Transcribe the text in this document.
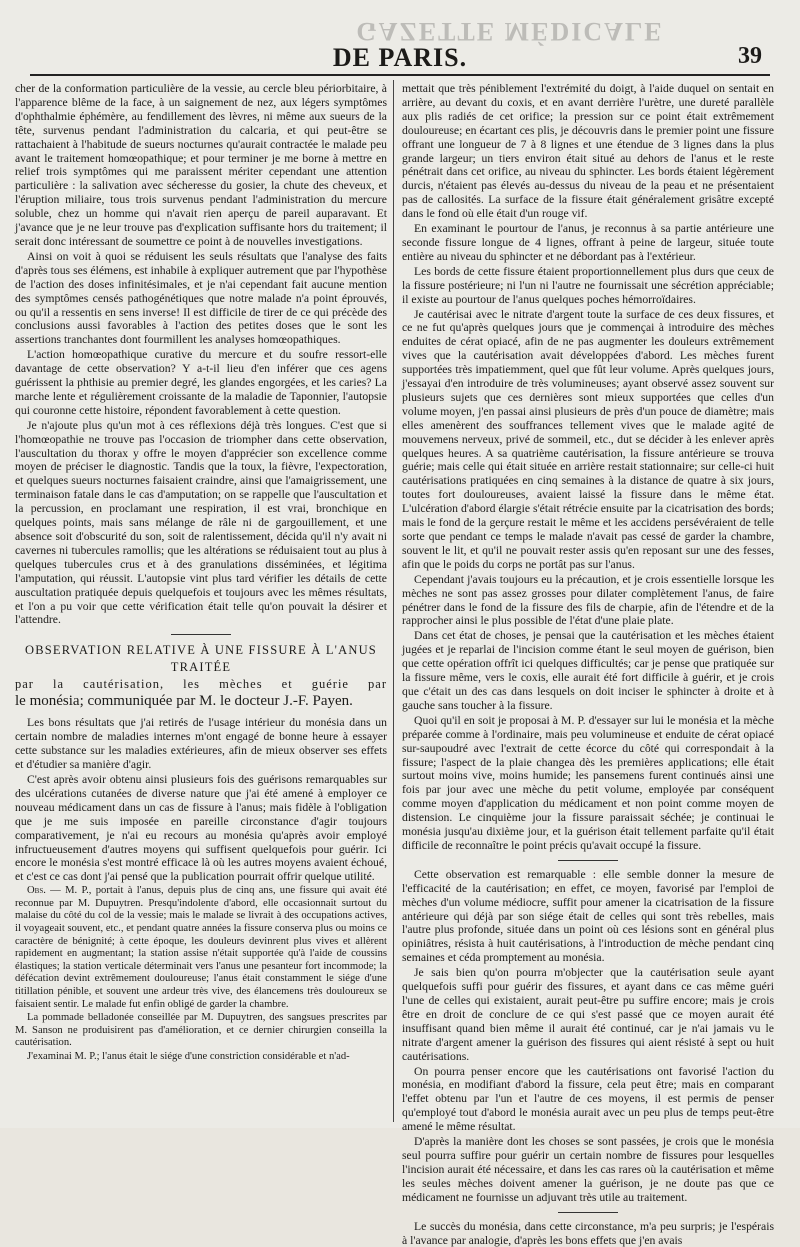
GAZETTE MÉDICALE
DE PARIS.	39

cher de la conformation particulière de la vessie, au cercle bleu périorbitaire, à l'apparence blême de la face, à un saignement de nez, aux légers symptômes d'ophthalmie éphémère, au fendillement des lèvres, ni même aux sueurs de la tête, survenus pendant l'administration du calcaria, et qui peut-être se rattachaient à l'habitude de sueurs nocturnes qu'aurait contractée le malade peu avant le traitement homœopathique; et pour terminer je me borne à mettre en relief trois symptômes qui me paraissent mériter cependant une attention particulière : la salivation avec sécheresse du gosier, la chute des cheveux, et l'éruption miliaire, tous trois survenus pendant l'administration du mercure soluble, chez un homme qui n'avait rien aperçu de pareil auparavant. Et j'avance que je ne leur trouve pas d'explication suffisante hors du traitement; il serait donc intéressant de soumettre ce point à de nouvelles investigations.

Ainsi on voit à quoi se réduisent les seuls résultats que l'analyse des faits d'après tous ses élémens, est inhabile à expliquer autrement que par l'hypothèse de l'action des doses infinitésimales, et je n'ai cependant fait aucune mention des symptômes censés pathogénétiques que notre malade n'a point éprouvés, ou qu'il a ressentis en sens inverse! Il est difficile de tirer de ce qui précède des conclusions aussi favorables à l'action des petites doses que le sont les assertions tranchantes dont fourmillent les analyses homœopathiques.

L'action homœopathique curative du mercure et du soufre ressort-elle davantage de cette observation? Y a-t-il lieu d'en inférer que ces agens guérissent la phthisie au premier degré, les glandes engorgées, et les caries? La marche lente et régulièrement croissante de la maladie de Taponnier, l'autopsie qui couronne cette histoire, répondent favorablement à cette question.

Je n'ajoute plus qu'un mot à ces réflexions déjà très longues. C'est que si l'homœopathie ne trouve pas l'occasion de triompher dans cette observation, l'auscultation du thorax y offre le moyen d'apprécier son excellence comme moyen de préciser le diagnostic. Tandis que la toux, la fièvre, l'expectoration, et quelques sueurs nocturnes faisaient craindre, ainsi que l'amaigrissement, une terminaison fatale dans le cas d'amputation; on se rappelle que l'auscultation et la percussion, en proclamant une respiration, il est vrai, bronchique en quelques points, mais sans mélange de râle ni de gargouillement, et une absence soit d'obscurité du son, soit de ralentissement, décida qu'il n'y avait ni cavernes ni tubercules ramollis; que les altérations se réduisaient tout au plus à quelques tubercules crus et à des granulations disséminées, et légitima l'amputation, qui réussit. L'autopsie vint plus tard vérifier les détails de cette auscultation pratiquée depuis quelquefois et toujours avec les mêmes résultats, et l'on a pu voir que cette vérification était telle qu'on pouvait la désirer et l'attendre.

OBSERVATION RELATIVE À UNE FISSURE À L'ANUS TRAITÉE
par la cautérisation, les mèches et guérie par
le monésia; communiquée par M. le docteur J.-F. Payen.

Les bons résultats que j'ai retirés de l'usage intérieur du monésia dans un certain nombre de maladies internes m'ont engagé de bonne heure à essayer cette substance sur les maladies extérieures, afin de mieux observer ses effets et d'étudier sa manière d'agir.

C'est après avoir obtenu ainsi plusieurs fois des guérisons remarquables sur des ulcérations cutanées de diverse nature que j'ai été amené à employer ce nouveau médicament dans un cas de fissure à l'anus; mais fidèle à l'obligation que je me suis imposée en pareille circonstance d'agir toujours comparativement, je n'ai eu recours au monésia qu'après avoir employé infructueusement d'autres moyens qui suffisent quelquefois pour guérir. Ici encore le monésia s'est montré efficace là où les autres moyens avaient échoué, et c'est ce cas dont j'ai pensé que la publication pourrait offrir quelque utilité.

Obs. — M. P., portait à l'anus, depuis plus de cinq ans, une fissure qui avait été reconnue par M. Dupuytren. Presqu'indolente d'abord, elle occasionnait surtout du malaise du côté du col de la vessie; mais le malade se livrait à des occupations actives, il voyageait souvent, etc., et pendant quatre années la fissure conserva plus ou moins ce caractère de bénignité; à cette époque, les douleurs devinrent plus vives et allèrent rapidement en augmentant; la station assise n'était supportée qu'à l'aide de coussins élastiques; la station verticale déterminait vers l'anus une pesanteur fort incommode; la défécation devint extrêmement douloureuse; l'anus était constamment le siége d'une titillation pénible, et souvent une ardeur très vive, des élancemens très douloureux se faisaient sentir. Le malade fut enfin obligé de garder la chambre.

La pommade belladonée conseillée par M. Dupuytren, des sangsues prescrites par M. Sanson ne produisirent pas d'amélioration, et ce dernier chirurgien conseilla la cautérisation.

J'examinai M. P.; l'anus était le siége d'une constriction considérable et n'ad-

mettait que très péniblement l'extrémité du doigt, à l'aide duquel on sentait en arrière, au devant du coxis, et en avant derrière l'urètre, une dureté parallèle aux plis radiés de cet orifice; la pression sur ce point était extrêmement douloureuse; en écartant ces plis, je découvris dans le premier point une fissure offrant une longueur de 7 à 8 lignes et une étendue de 3 lignes dans la plus grande largeur; un tiers environ était situé au dehors de l'anus et le reste pénétrait dans cet orifice, au niveau du sphincter. Les bords étaient légèrement durcis, n'étaient pas élevés au-dessus du niveau de la peau et ne présentaient pas de callosités. La surface de la fissure était généralement grisâtre excepté dans le fond où elle était d'un rouge vif.

En examinant le pourtour de l'anus, je reconnus à sa partie antérieure une seconde fissure longue de 4 lignes, offrant à peine de largeur, située toute entière au niveau du sphincter et ne débordant pas à l'extérieur.

Les bords de cette fissure étaient proportionnellement plus durs que ceux de la fissure postérieure; ni l'un ni l'autre ne fournissait une sécrétion appréciable; il existe au pourtour de l'anus quelques poches hémorroïdaires.

Je cautérisai avec le nitrate d'argent toute la surface de ces deux fissures, et ce ne fut qu'après quelques jours que je commençai à introduire des mèches enduites de cérat opiacé, afin de ne pas augmenter les douleurs extrêmement vives que la cautérisation avait développées d'abord. Les mèches furent supportées très impatiemment, quel que fût leur volume. Après quelques jours, j'essayai d'en introduire de très volumineuses; ayant observé assez souvent sur plusieurs sujets que ces dernières sont mieux supportées que celles d'un volume moyen, j'en passai ainsi plusieurs de près d'un pouce de diamètre; mais elles amenèrent des souffrances tellement vives que le malade agité de mouvemens nerveux, privé de sommeil, etc., dut se décider à les enlever après quelques heures. A sa quatrième cautérisation, la fissure antérieure se trouva guérie; mais celle qui était située en arrière restait stationnaire; sur celle-ci huit cautérisations pratiquées en cinq semaines à la distance de quatre à six jours, toutes fort douloureuses, avaient laissé la fissure dans le même état. L'ulcération d'abord élargie s'était rétrécie ensuite par la cicatrisation des bords; mais le fond de la gerçure restait le même et les accidens persévéraient de telle sorte que pendant ce temps le malade n'avait pas cessé de garder la chambre, souvent le lit, et qu'il ne pouvait rester assis qu'en reposant sur une des fesses, afin que le poids du corps ne portât pas sur l'anus.

Cependant j'avais toujours eu la précaution, et je crois essentielle lorsque les mèches ne sont pas assez grosses pour dilater complètement l'anus, de faire pénétrer dans le fond de la fissure des fils de charpie, afin de l'étendre et de la rapprocher ainsi le plus possible de l'état d'une plaie plate.

Dans cet état de choses, je pensai que la cautérisation et les mèches étaient jugées et je reparlai de l'incision comme étant le seul moyen de guérison, bien que cette opération offrît ici quelques difficultés; car je pense que pratiquée sur la fissure même, vers le coxis, elle aurait été fort difficile à guérir, et je crois que c'était un des cas dans lesquels on doit inciser le sphincter à droite et à gauche sans toucher à la fissure.

Quoi qu'il en soit je proposai à M. P. d'essayer sur lui le monésia et la mèche préparée comme à l'ordinaire, mais peu volumineuse et enduite de cérat opiacé sur-saupoudré avec l'extrait de cette écorce du côté qui correspondait à la fissure; l'aspect de la plaie changea dès les premières applications; elle était surtout moins vive, moins humide; les pansemens furent continués ainsi une fois par jour avec une mèche du petit volume, employée par conséquent comme moyen d'application du médicament et non point comme moyen de distension. Le cinquième jour la fissure paraissait séchée; je continuai le monésia jusqu'au dixième jour, et la guérison était tellement parfaite qu'il était difficile de reconnaître le point précis qu'avait occupé la fissure.

Cette observation est remarquable : elle semble donner la mesure de l'efficacité de la cautérisation; en effet, ce moyen, favorisé par l'emploi de mèches d'un volume médiocre, suffit pour amener la cicatrisation de la fissure antérieure qui déjà par son siége était de celles qui sont très rebelles, mais l'autre plus profonde, située dans un point où ces lésions sont en général plus opiniâtres, résista à huit cautérisations, à l'introduction de mèche pendant cinq semaines et céda promptement au monésia.

Je sais bien qu'on pourra m'objecter que la cautérisation seule ayant quelquefois suffi pour guérir des fissures, et ayant dans ce cas même guéri l'une de celles qui existaient, aurait peut-être pu suffire encore; mais je crois être en droit de conclure de ce qui s'est passé que ce moyen aurait été insuffisant quand bien même il aurait été continué, car je n'ai jamais vu le nitrate d'argent amener la guérison des fissures qui aient résisté à sept ou huit cautérisations.

On pourra penser encore que les cautérisations ont favorisé l'action du monésia, en modifiant d'abord la fissure, cela peut être; mais en comparant l'effet obtenu par l'un et l'autre de ces moyens, il est permis de penser qu'employé tout d'abord le monésia aurait avec un peu plus de temps peut-être amené le même résultat.

D'après la manière dont les choses se sont passées, je crois que le monésia seul pourra suffire pour guérir un certain nombre de fissures pour lesquelles l'incision aurait été nécessaire, et dans les cas rares où la cautérisation et même les seules mèches doivent amener la guérison, je ne doute pas que ce médicament ne fournisse un adjuvant très utile au traitement.

Le succès du monésia, dans cette circonstance, m'a peu surpris; je l'espérais à l'avance par analogie, d'après les bons effets que j'en avais
